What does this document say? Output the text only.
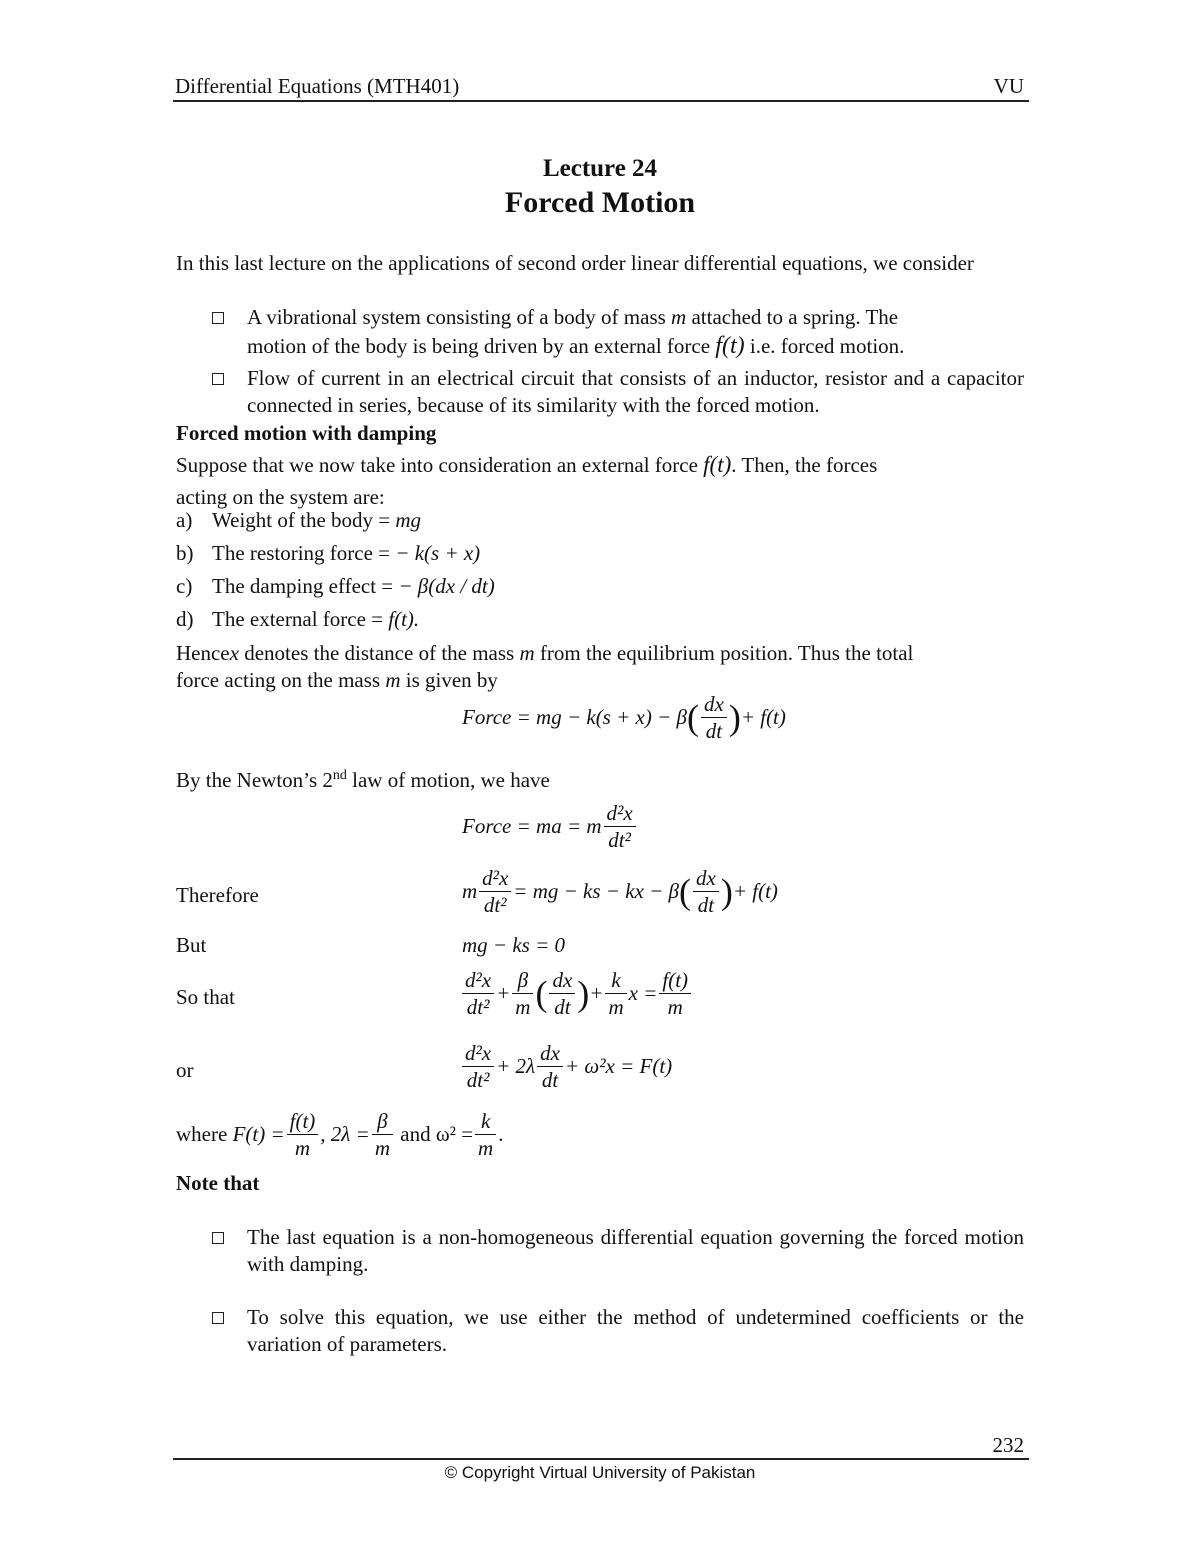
Differential Equations (MTH401)	VU
Lecture 24
Forced Motion
In this last lecture on the applications of second order linear differential equations, we consider
A vibrational system consisting of a body of mass m attached to a spring. The
motion of the body is being driven by an external force f(t) i.e. forced motion.
Flow of current in an electrical circuit that consists of an inductor, resistor and a capacitor connected in series, because of its similarity with the forced motion.
Forced motion with damping
Suppose that we now take into consideration an external force f(t). Then, the forces
acting on the system are:
a) Weight of the body = mg
b) The restoring force = − k(s + x)
c) The damping effect = − β(dx / dt)
d) The external force = f(t).
Hencex denotes the distance of the mass m from the equilibrium position. Thus the total
force acting on the mass m is given by
Force = mg − $k(s + x) - \beta( \frac{dx}{dt}$ )+ f(t)
By the Newton’s 2nd law of motion, we have
Force = ma = m $\frac{\text{d²x}}{\text{dt²}}$
Therefore	m $\frac{\text{d²x}}{\text{dt²}}$ = mg − ks − kx − $\beta( \frac{dx}{dt}$ )+ f(t)
But	mg − ks = 0
So that	$\frac{\text{d²x}}{\text{dt²}} + \frac{\beta}{m}$ ( $\frac{dx}{dt}$ )+ $\frac{k}{m}$ $x = \frac{f(t)}{m}$
or	$\frac{\text{d²x}}{\text{dt²}} + 2\lambda \frac{dx}{dt} + \omega^2x = F(t)$
where $F(t) = \frac{f(t)}{m}$ , $2\lambda = \frac{\beta}{m}$ and $\omega^2 = \frac{k}{m}$ .
Note that
The last equation is a non-homogeneous differential equation governing the forced motion with damping.
To solve this equation, we use either the method of undetermined coefficients or the variation of parameters.
232
© Copyright Virtual University of Pakistan
